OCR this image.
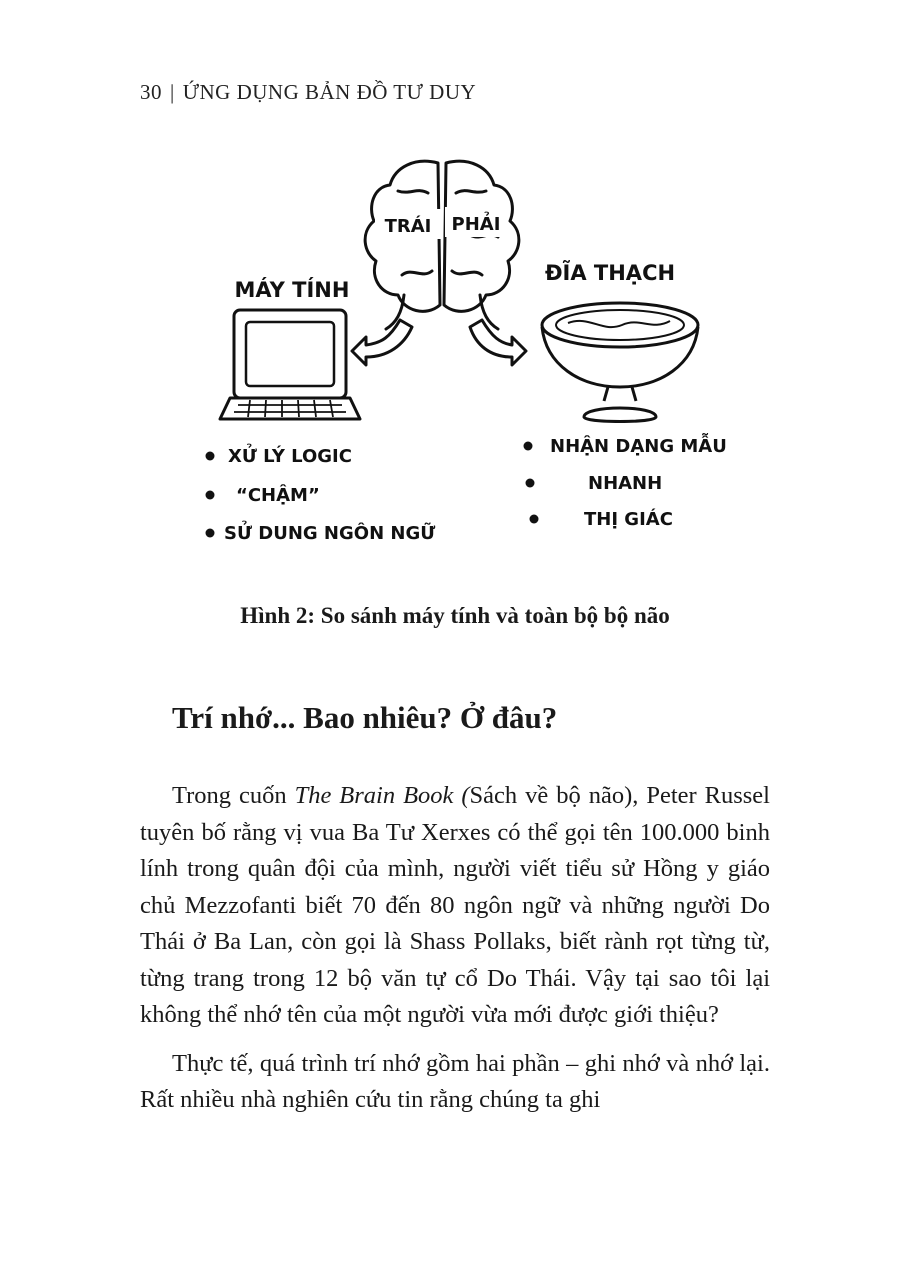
30 | ỨNG DỤNG BẢN ĐỒ TƯ DUY
TRÁI PHẢI
MÁY TÍNH
ĐĨA THẠCH
XỬ LÝ LOGIC
“CHẬM”
SỬ DUNG NGÔN NGỮ
NHẬN DẠNG MẪU
NHANH
THỊ GIÁC
Hình 2: So sánh máy tính và toàn bộ bộ não
Trí nhớ... Bao nhiêu? Ở đâu?

Trong cuốn The Brain Book (Sách về bộ não), Peter Russel tuyên bố rằng vị vua Ba Tư Xerxes có thể gọi tên 100.000 binh lính trong quân đội của mình, người viết tiểu sử Hồng y giáo chủ Mezzofanti biết 70 đến 80 ngôn ngữ và những người Do Thái ở Ba Lan, còn gọi là Shass Pollaks, biết rành rọt từng từ, từng trang trong 12 bộ văn tự cổ Do Thái. Vậy tại sao tôi lại không thể nhớ tên của một người vừa mới được giới thiệu?

Thực tế, quá trình trí nhớ gồm hai phần – ghi nhớ và nhớ lại. Rất nhiều nhà nghiên cứu tin rằng chúng ta ghi
